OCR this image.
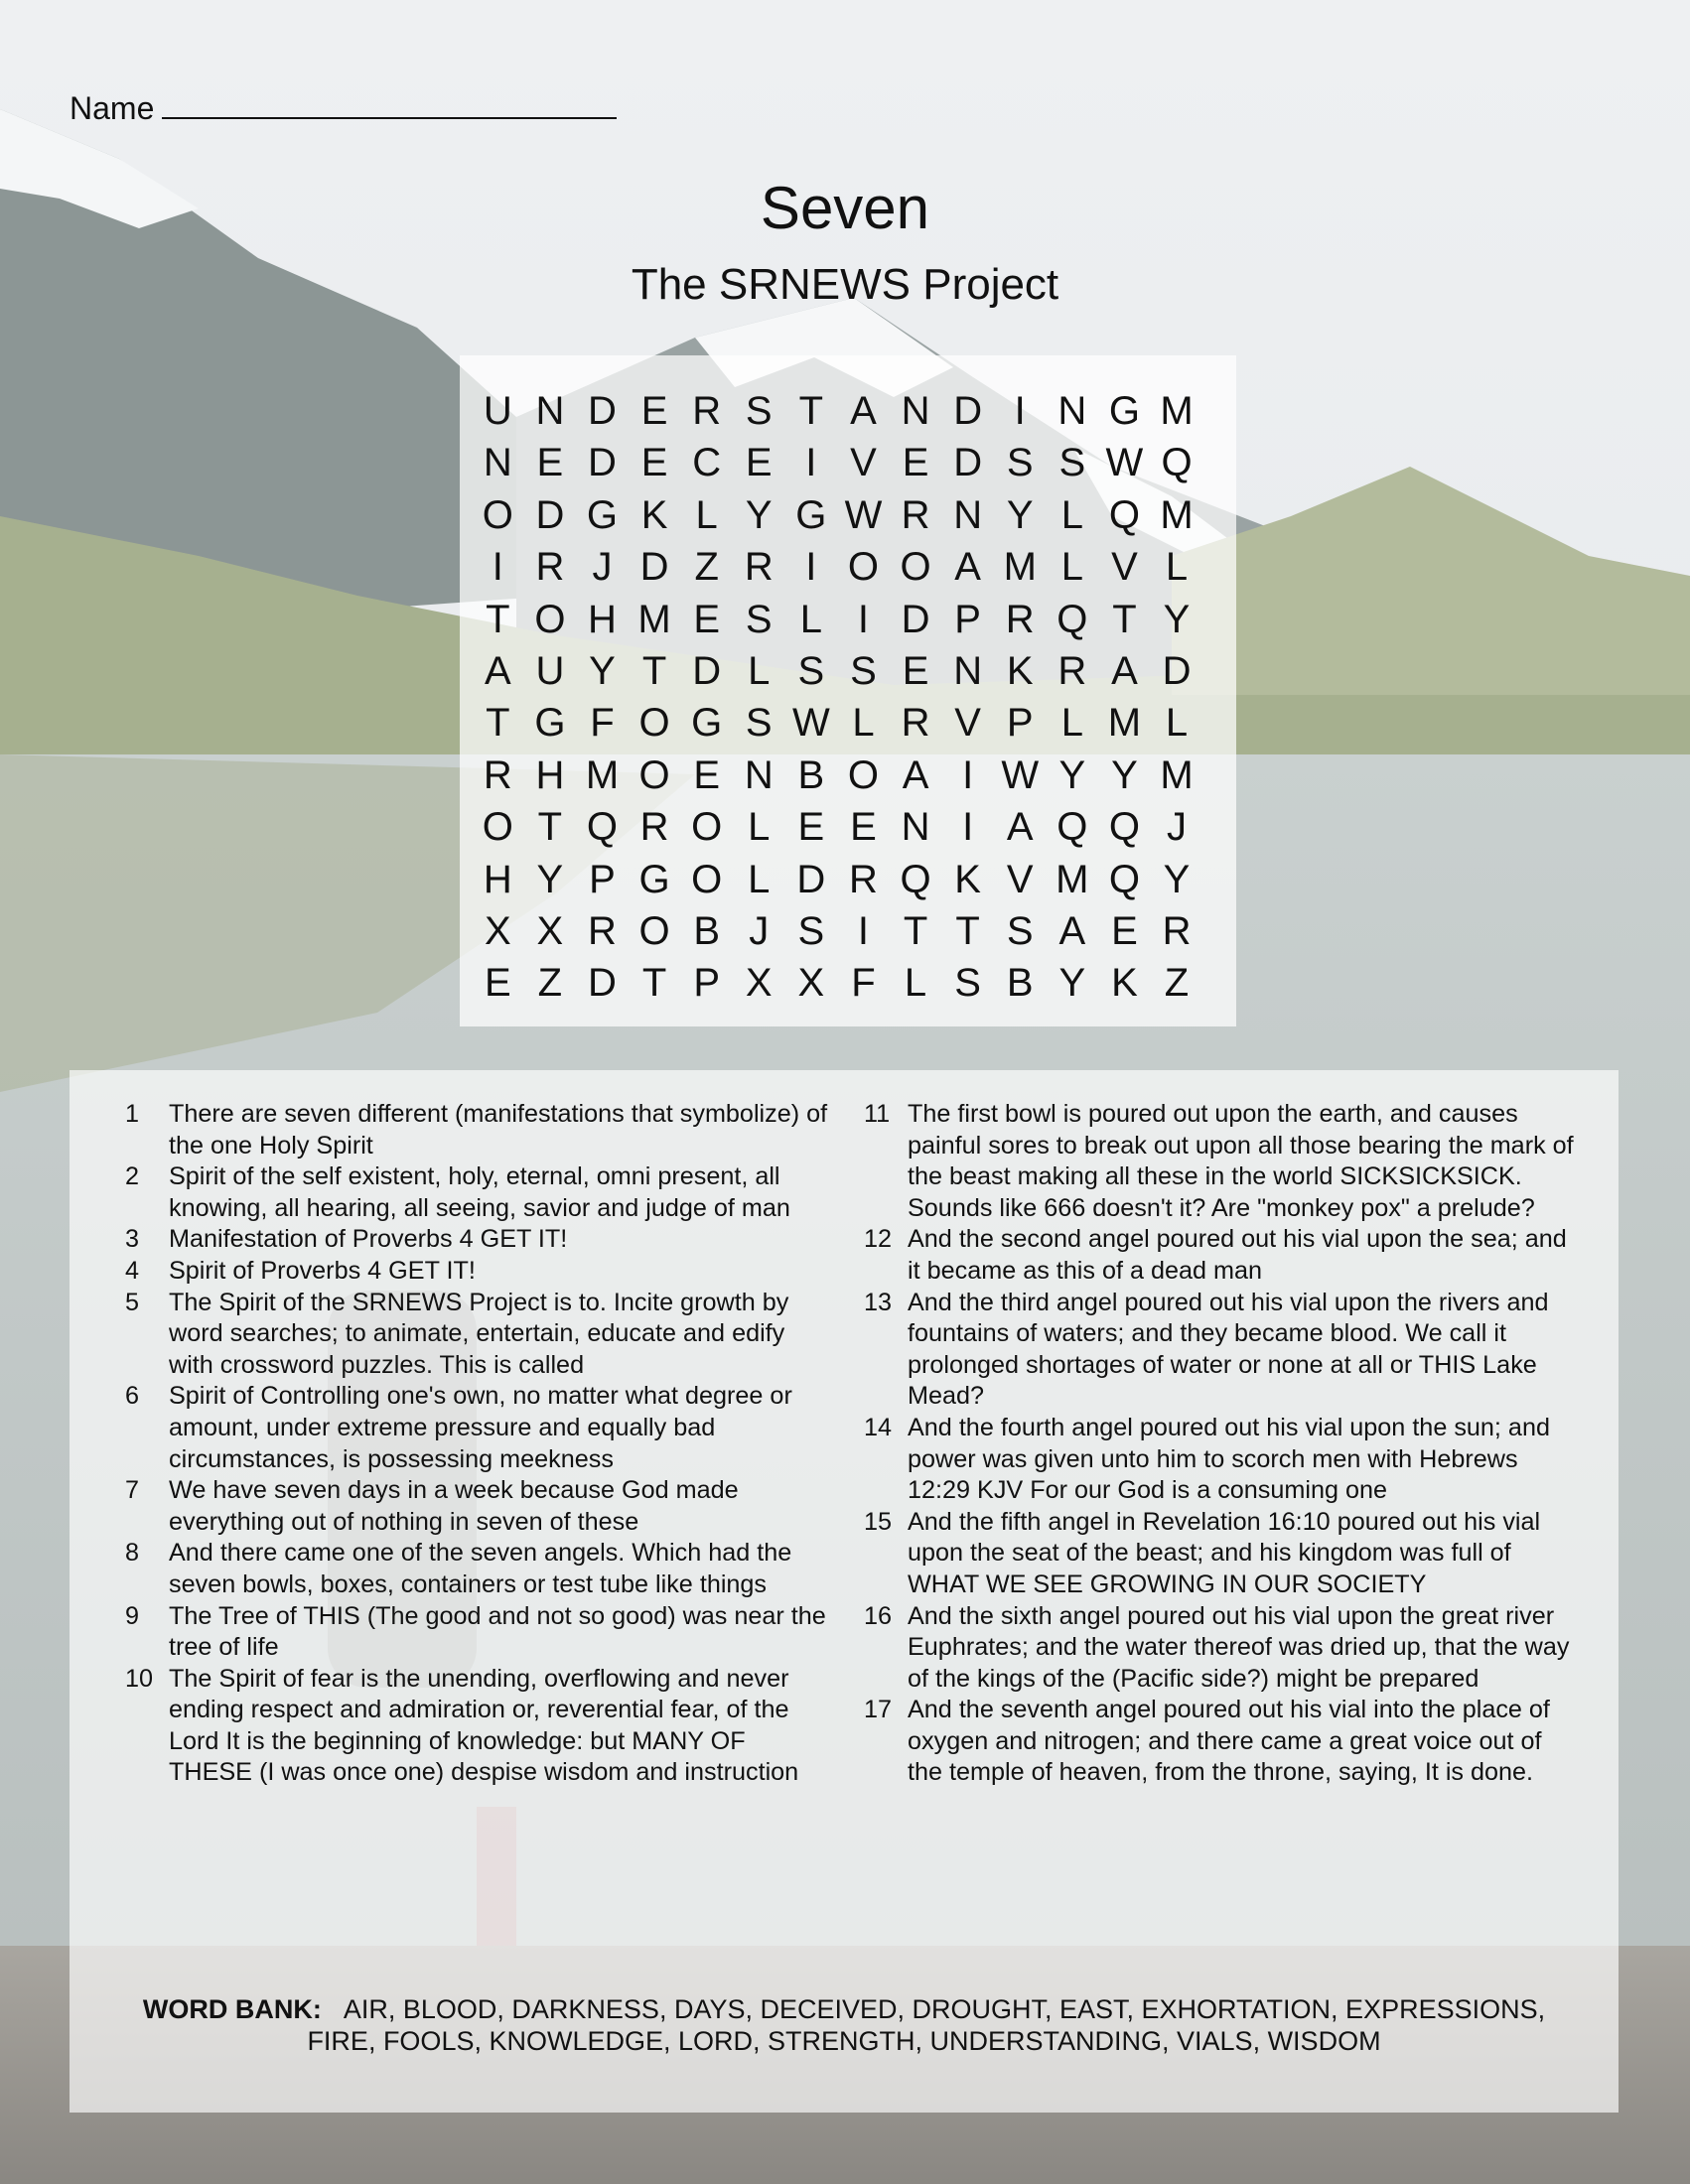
Name
Seven
The SRNEWS Project
U N D E R S T A N D I N G M
N E D E C E I V E D S S W Q
O D G K L Y G W R N Y L Q M
I R J D Z R I O O A M L V L
T O H M E S L I D P R Q T Y
A U Y T D L S S E N K R A D
T G F O G S W L R V P L M L
R H M O E N B O A I W Y Y M
O T Q R O L E E N I A Q Q J
H Y P G O L D R Q K V M Q Y
X X R O B J S I T T S A E R
E Z D T P X X F L S B Y K Z
1	There are seven different (manifestations that symbolize) of the one Holy Spirit
2	Spirit of the self existent, holy, eternal, omni present, all knowing, all hearing, all seeing, savior and judge of man
3	Manifestation of Proverbs 4 GET IT!
4	Spirit of Proverbs 4 GET IT!
5	The Spirit of the SRNEWS Project is to. Incite growth by word searches; to animate, entertain, educate and edify with crossword puzzles. This is called
6	Spirit of Controlling one's own, no matter what degree or amount, under extreme pressure and equally bad circumstances, is possessing meekness
7	We have seven days in a week because God made everything out of nothing in seven of these
8	And there came one of the seven angels. Which had the seven bowls, boxes, containers or test tube like things
9	The Tree of THIS (The good and not so good) was near the tree of life
10 The Spirit of fear is the unending, overflowing and never ending respect and admiration or, reverential fear, of the Lord It is the beginning of knowledge: but MANY OF THESE (I was once one) despise wisdom and instruction
11 The first bowl is poured out upon the earth, and causes painful sores to break out upon all those bearing the mark of the beast making all these in the world SICKSICKSICK. Sounds like 666 doesn't it? Are "monkey pox" a prelude?
12 And the second angel poured out his vial upon the sea; and it became as this of a dead man
13 And the third angel poured out his vial upon the rivers and fountains of waters; and they became blood. We call it prolonged shortages of water or none at all or THIS Lake Mead?
14 And the fourth angel poured out his vial upon the sun; and power was given unto him to scorch men with Hebrews 12:29 KJV For our God is a consuming one
15 And the fifth angel in Revelation 16:10 poured out his vial upon the seat of the beast; and his kingdom was full of WHAT WE SEE GROWING IN OUR SOCIETY
16 And the sixth angel poured out his vial upon the great river Euphrates; and the water thereof was dried up, that the way of the kings of the (Pacific side?) might be prepared
17 And the seventh angel poured out his vial into the place of oxygen and nitrogen; and there came a great voice out of the temple of heaven, from the throne, saying, It is done.
WORD BANK: AIR, BLOOD, DARKNESS, DAYS, DECEIVED, DROUGHT, EAST, EXHORTATION, EXPRESSIONS,
FIRE, FOOLS, KNOWLEDGE, LORD, STRENGTH, UNDERSTANDING, VIALS, WISDOM
